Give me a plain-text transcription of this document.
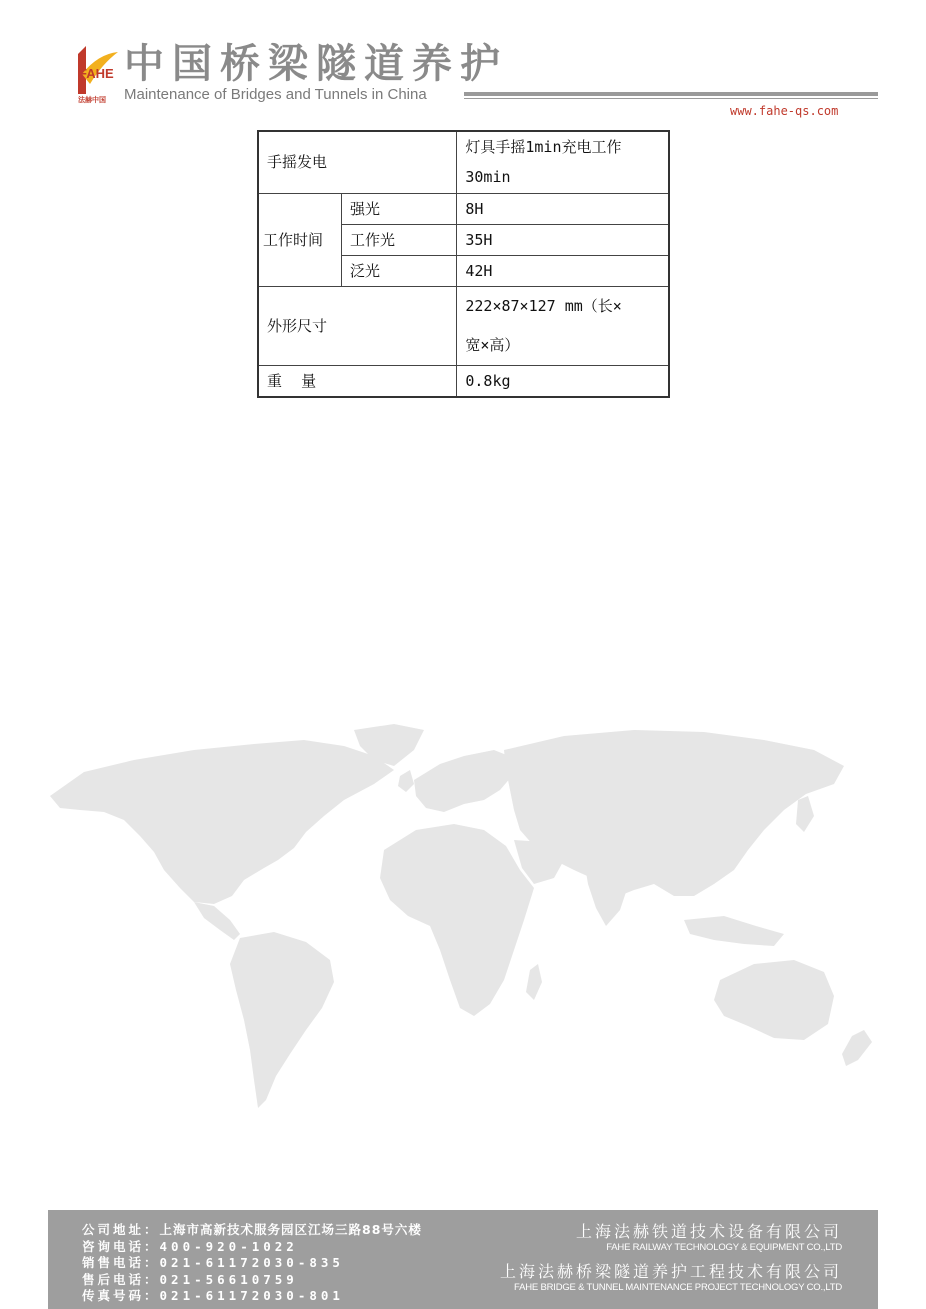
FAHE
法赫中国
中国桥梁隧道养护
Maintenance of Bridges and Tunnels in China
www.fahe-qs.com
手摇发电		灯具手摇1min充电工作
30min
工作时间	强光	8H
	工作光	35H
	泛光	42H
外形尺寸		222×87×127 mm（长×
宽×高）
重    量		0.8kg
公司地址：上海市高新技术服务园区江场三路88号六楼
咨询电话：400-920-1022
销售电话：021-61172030-835
售后电话：021-56610759
传真号码：021-61172030-801
上海法赫铁道技术设备有限公司
FAHE RAILWAY TECHNOLOGY & EQUIPMENT CO.,LTD
上海法赫桥梁隧道养护工程技术有限公司
FAHE BRIDGE & TUNNEL MAINTENANCE PROJECT TECHNOLOGY CO.,LTD
